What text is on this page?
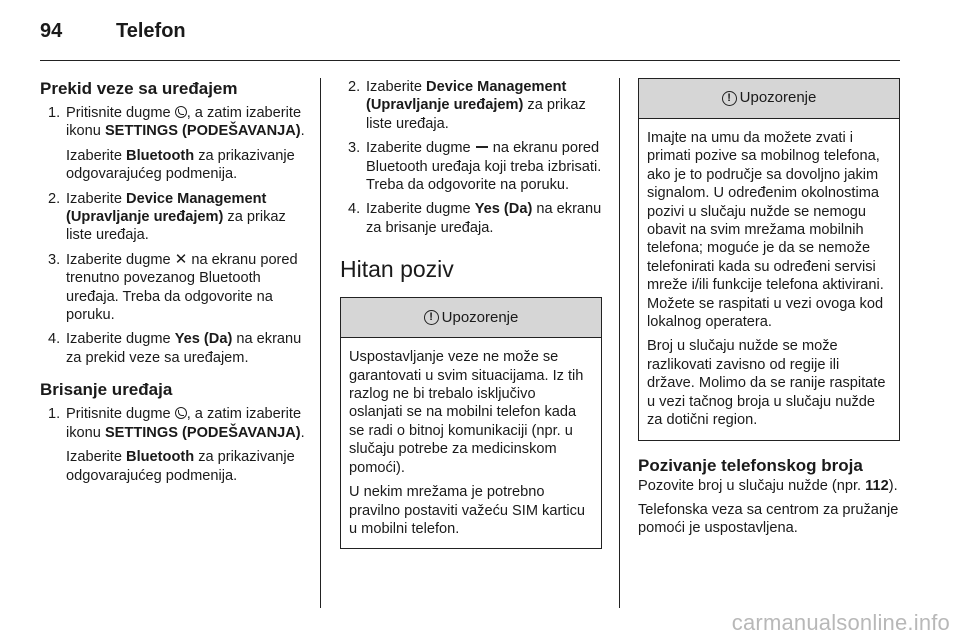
94	Telefon
Prekid veze sa uređajem
1. Pritisnite dugme , a zatim izaberite ikonu SETTINGS (PODEŠAVANJA).

Izaberite Bluetooth za prikazivanje odgovarajućeg podmenija.

2. Izaberite Device Management (Upravljanje uređajem) za prikaz liste uređaja.
3. Izaberite dugme ✕ na ekranu pored trenutno povezanog Bluetooth uređaja. Treba da odgovorite na poruku.
4. Izaberite dugme Yes (Da) na ekranu za prekid veze sa uređajem.
Brisanje uređaja
1. Pritisnite dugme , a zatim izaberite ikonu SETTINGS (PODEŠAVANJA).

Izaberite Bluetooth za prikazivanje odgovarajućeg podmenija.

2. Izaberite Device Management (Upravljanje uređajem) za prikaz liste uređaja.
3. Izaberite dugme na ekranu pored Bluetooth uređaja koji treba izbrisati. Treba da odgovorite na poruku.
4. Izaberite dugme Yes (Da) na ekranu za brisanje uređaja.
Hitan poziv
! Upozorenje

Uspostavljanje veze ne može se garantovati u svim situacijama. Iz tih razlog ne bi trebalo isključivo oslanjati se na mobilni telefon kada se radi o bitnoj komunikaciji (npr. u slučaju potrebe za medicinskom pomoći).

U nekim mrežama je potrebno pravilno postaviti važeću SIM karticu u mobilni telefon.

! Upozorenje

Imajte na umu da možete zvati i primati pozive sa mobilnog telefona, ako je to područje sa dovoljno jakim signalom. U određenim okolnostima pozivi u slučaju nužde se nemogu obavit na svim mrežama mobilnih telefona; moguće je da se nemože telefonirati kada su određeni servisi mreže i/ili funkcije telefona aktivirani. Možete se raspitati u vezi ovoga kod lokalnog operatera.

Broj u slučaju nužde se može razlikovati zavisno od regije ili države. Molimo da se ranije raspitate u vezi tačnog broja u slučaju nužde za dotični region.

Pozivanje telefonskog broja

Pozovite broj u slučaju nužde (npr. 112).

Telefonska veza sa centrom za pružanje pomoći je uspostavljena.

carmanualsonline.info
